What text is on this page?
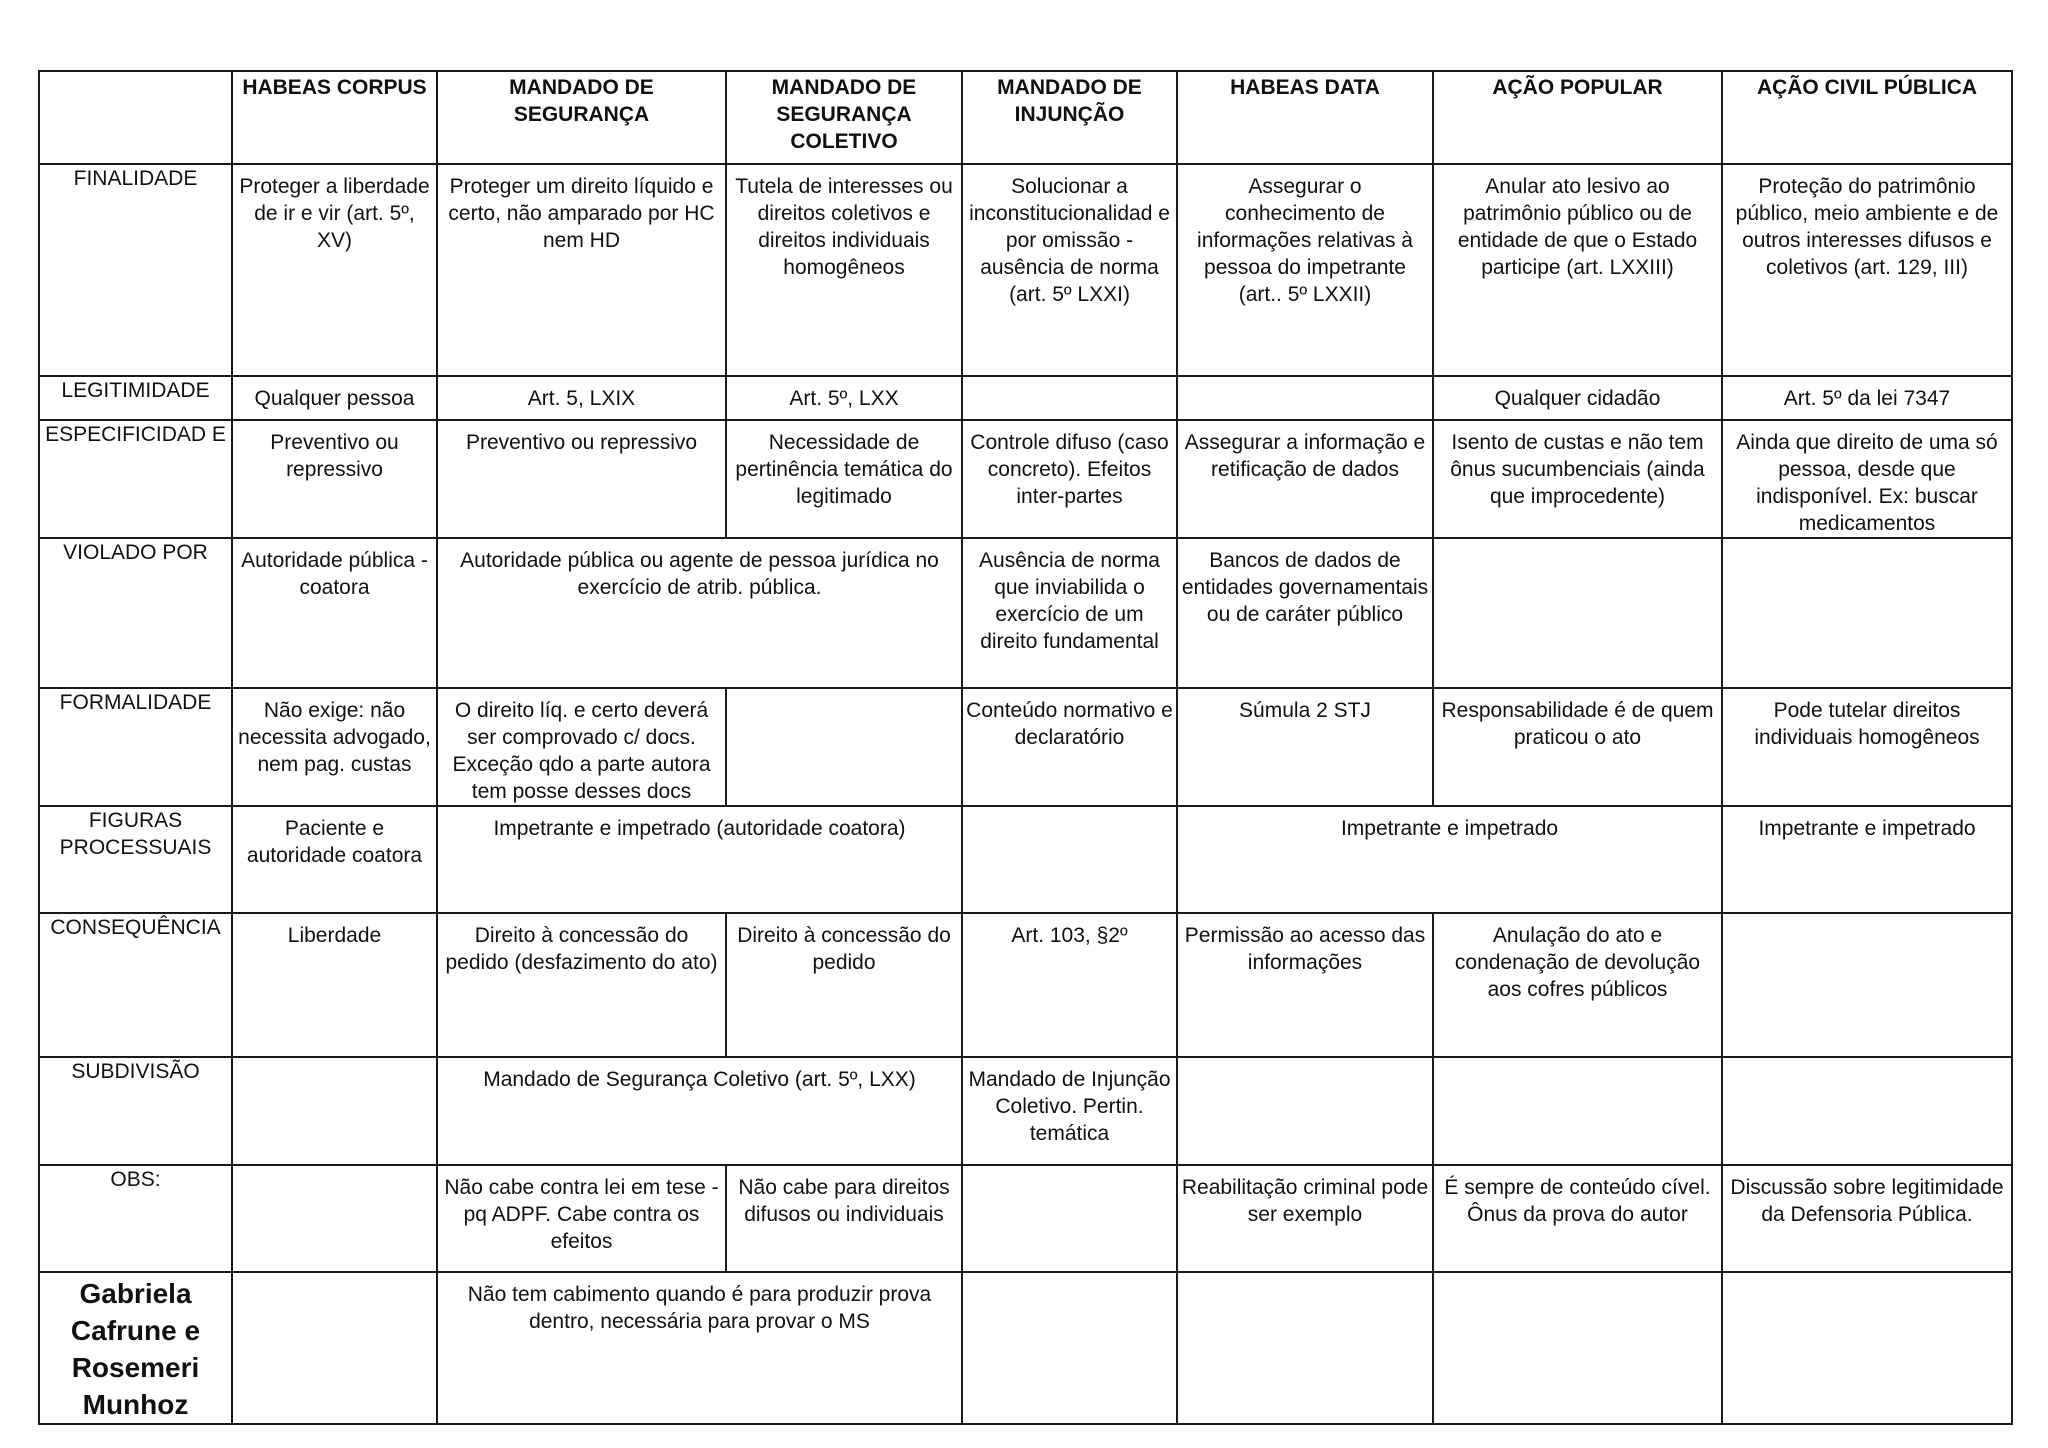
	HABEAS CORPUS	MANDADO DE SEGURANÇA	MANDADO DE SEGURANÇA COLETIVO	MANDADO DE INJUNÇÃO	HABEAS DATA	AÇÃO POPULAR	AÇÃO CIVIL PÚBLICA
FINALIDADE	Proteger a liberdade de ir e vir (art. 5º, XV)	Proteger um direito líquido e certo, não amparado por HC nem HD	Tutela de interesses ou direitos coletivos e direitos individuais homogêneos	Solucionar a inconstitucionalidad e por omissão - ausência de norma (art. 5º LXXI)	Assegurar o conhecimento de informações relativas à pessoa do impetrante (art.. 5º LXXII)	Anular ato lesivo ao patrimônio público ou de entidade de que o Estado participe (art. LXXIII)	Proteção do patrimônio público, meio ambiente e de outros interesses difusos e coletivos (art. 129, III)
LEGITIMIDADE	Qualquer pessoa	Art. 5, LXIX	Art. 5º, LXX			Qualquer cidadão	Art. 5º da lei 7347
ESPECIFICIDAD E	Preventivo ou repressivo	Preventivo ou repressivo	Necessidade de pertinência temática do legitimado	Controle difuso (caso concreto). Efeitos inter-partes	Assegurar a informação e retificação de dados	Isento de custas e não tem ônus sucumbenciais (ainda que improcedente)	Ainda que direito de uma só pessoa, desde que indisponível. Ex: buscar medicamentos
VIOLADO POR	Autoridade pública - coatora	Autoridade pública ou agente de pessoa jurídica no exercício de atrib. pública.		Ausência de norma que inviabilida o exercício de um direito fundamental	Bancos de dados de entidades governamentais ou de caráter público		
FORMALIDADE	Não exige: não necessita advogado, nem pag. custas	O direito líq. e certo deverá ser comprovado c/ docs. Exceção qdo a parte autora tem posse desses docs		Conteúdo normativo e declaratório	Súmula 2 STJ	Responsabilidade é de quem praticou o ato	Pode tutelar direitos individuais homogêneos
FIGURAS PROCESSUAIS	Paciente e autoridade coatora	Impetrante e impetrado (autoridade coatora)			Impetrante e impetrado		Impetrante e impetrado
CONSEQUÊNCIA	Liberdade	Direito à concessão do pedido (desfazimento do ato)	Direito à concessão do pedido	Art. 103, §2º	Permissão ao acesso das informações	Anulação do ato e condenação de devolução aos cofres públicos	
SUBDIVISÃO		Mandado de Segurança Coletivo (art. 5º, LXX)		Mandado de Injunção Coletivo. Pertin. temática			
OBS:		Não cabe contra lei em tese - pq ADPF. Cabe contra os efeitos	Não cabe para direitos difusos ou individuais		Reabilitação criminal pode ser exemplo	É sempre de conteúdo cível. Ônus da prova do autor	Discussão sobre legitimidade da Defensoria Pública.
Gabriela Cafrune e Rosemeri Munhoz		Não tem cabimento quando é para produzir prova dentro, necessária para provar o MS					
